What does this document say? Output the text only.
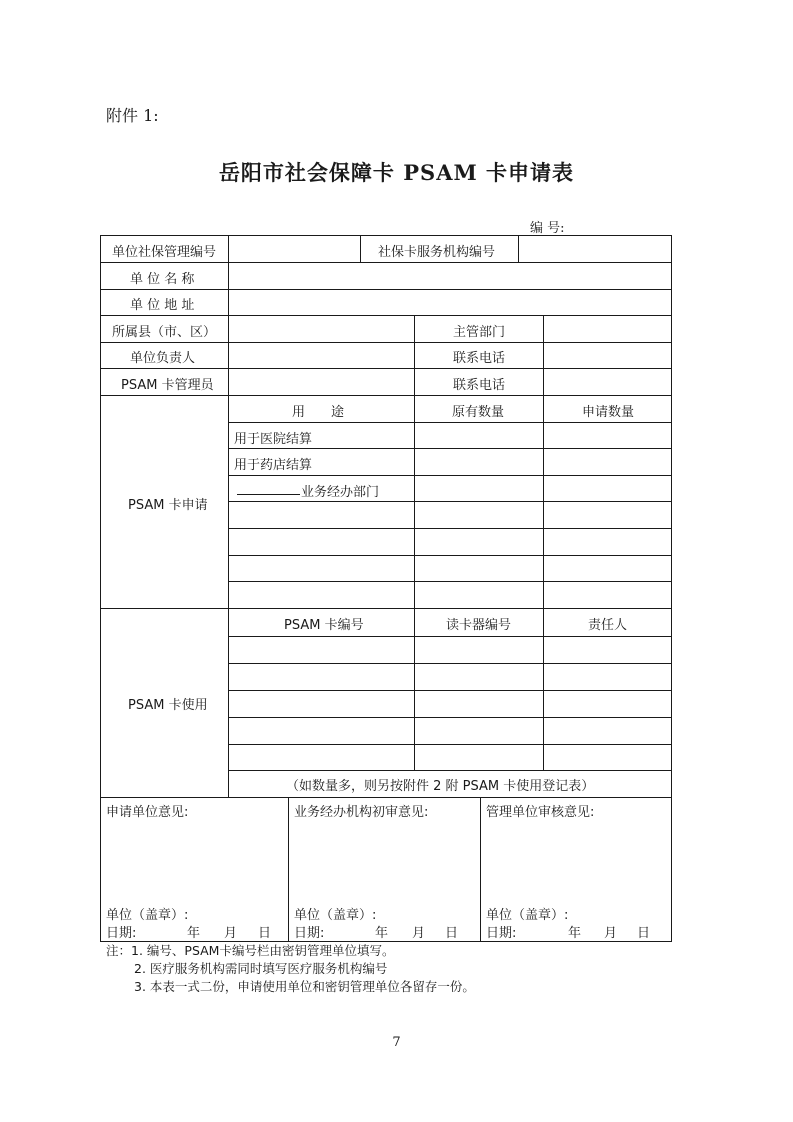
附件 1:
岳阳市社会保障卡 PSAM 卡申请表
编 号:
单位社保管理编号	社保卡服务机构编号
单 位 名 称
单 位 地 址
所属县（市、区）	主管部门
单位负责人	联系电话
PSAM 卡管理员	联系电话
PSAM 卡申请
用　　途	原有数量	申请数量
用于医院结算
用于药店结算
业务经办部门
PSAM 卡使用
PSAM 卡编号	读卡器编号	责任人
（如数量多，则另按附件 2 附 PSAM 卡使用登记表）
申请单位意见:
单位（盖章）:
日期:	年 月 日
业务经办机构初审意见:
单位（盖章）:
日期:	年 月 日
管理单位审核意见:
单位（盖章）:
日期:	年 月 日
注：1. 编号、PSAM卡编号栏由密钥管理单位填写。
2. 医疗服务机构需同时填写医疗服务机构编号
3. 本表一式二份，申请使用单位和密钥管理单位各留存一份。
7
